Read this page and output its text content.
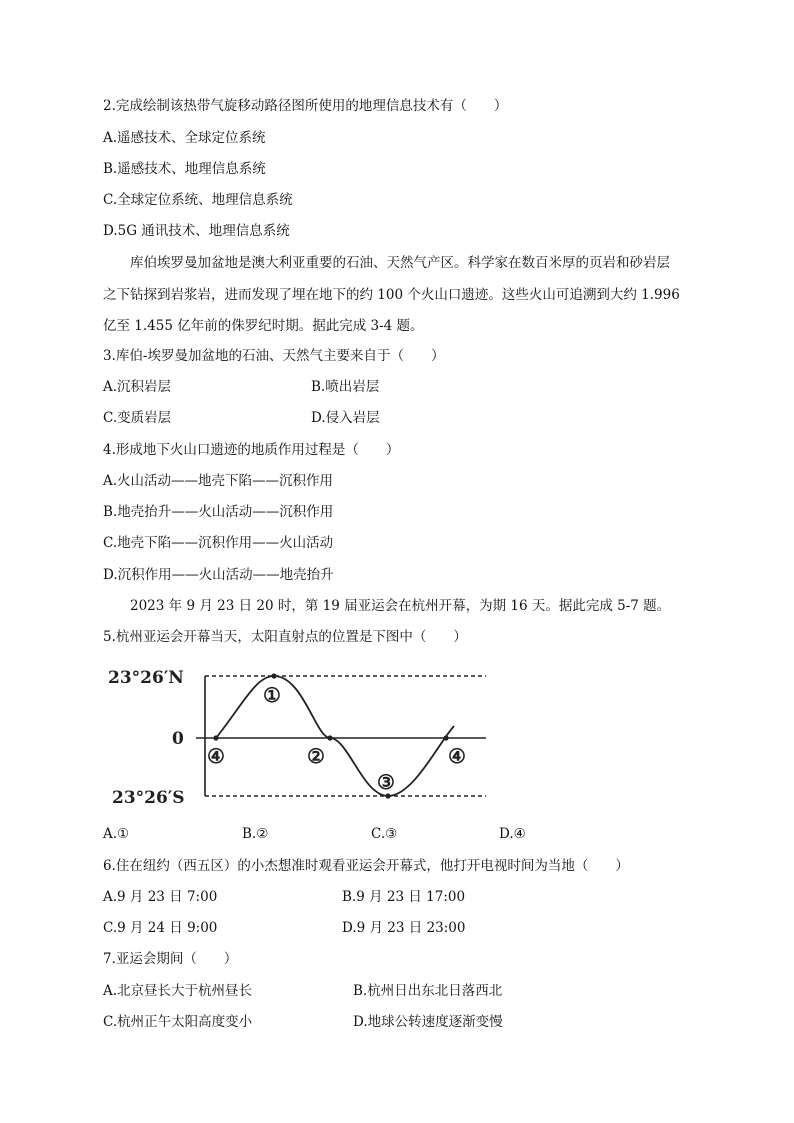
2.完成绘制该热带气旋移动路径图所使用的地理信息技术有（　　）
A.遥感技术、全球定位系统
B.遥感技术、地理信息系统
C.全球定位系统、地理信息系统
D.5G 通讯技术、地理信息系统
库伯埃罗曼加盆地是澳大利亚重要的石油、天然气产区。科学家在数百米厚的页岩和砂岩层
之下钻探到岩浆岩，进而发现了埋在地下的约 100 个火山口遗迹。这些火山可追溯到大约 1.996
亿至 1.455 亿年前的侏罗纪时期。据此完成 3-4 题。
3.库伯-埃罗曼加盆地的石油、天然气主要来自于（　　）
A.沉积岩层	B.喷出岩层
C.变质岩层	D.侵入岩层
4.形成地下火山口遗迹的地质作用过程是（　　）
A.火山活动——地壳下陷——沉积作用
B.地壳抬升——火山活动——沉积作用
C.地壳下陷——沉积作用——火山活动
D.沉积作用——火山活动——地壳抬升
2023 年 9 月 23 日 20 时，第 19 届亚运会在杭州开幕，为期 16 天。据此完成 5-7 题。
5.杭州亚运会开幕当天，太阳直射点的位置是下图中（　　）
23°26′N
0
23°26′S
①
②
③
④	④
A.①	B.②	C.③	D.④
6.住在纽约（西五区）的小杰想准时观看亚运会开幕式，他打开电视时间为当地（　　）
A.9 月 23 日 7:00	B.9 月 23 日 17:00
C.9 月 24 日 9:00	D.9 月 23 日 23:00
7.亚运会期间（　　）
A.北京昼长大于杭州昼长	B.杭州日出东北日落西北
C.杭州正午太阳高度变小	D.地球公转速度逐渐变慢
